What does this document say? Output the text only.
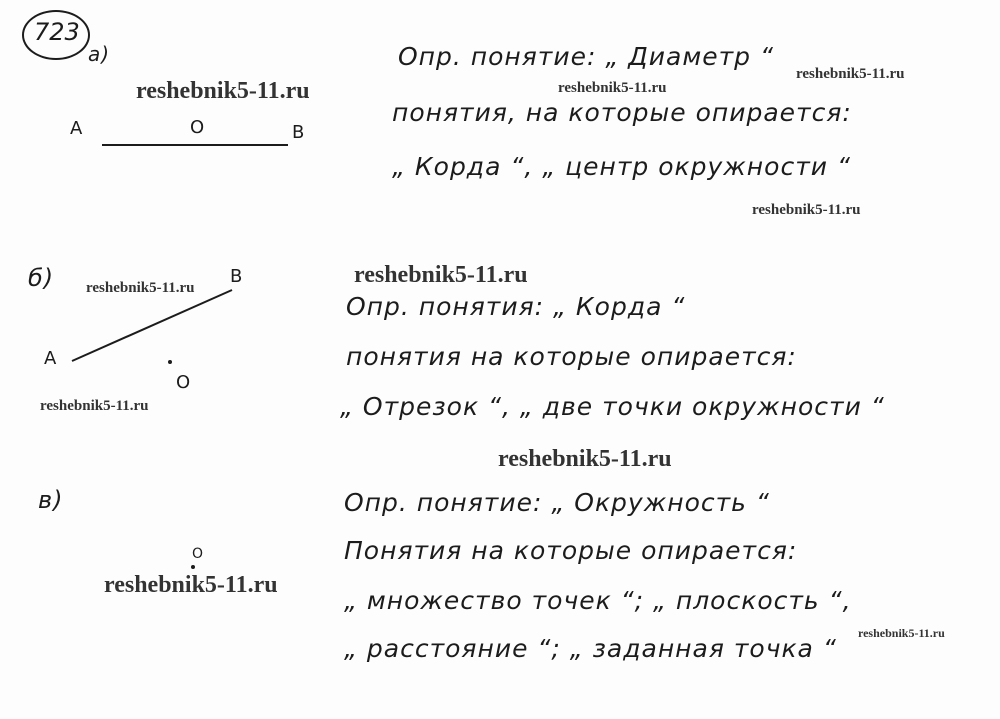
723
а)
A	O	B
Опр. понятие: „ Диаметр “
понятия, на которые опирается:
„ Корда “, „ центр окружности “
б)
A
O
B
Опр. понятия: „ Корда “
понятия на которые опирается:
„ Отрезок “, „ две точки окружности “
в)
O
Опр. понятие: „ Окружность “
Понятия на которые опирается:
„ множество точек “; „ плоскость “,
„ расстояние “; „ заданная точка “
reshebnik5-11.ru	reshebnik5-11.ru
reshebnik5-11.ru
reshebnik5-11.ru
reshebnik5-11.ru
reshebnik5-11.ru
reshebnik5-11.ru
reshebnik5-11.ru
reshebnik5-11.ru
reshebnik5-11.ru
